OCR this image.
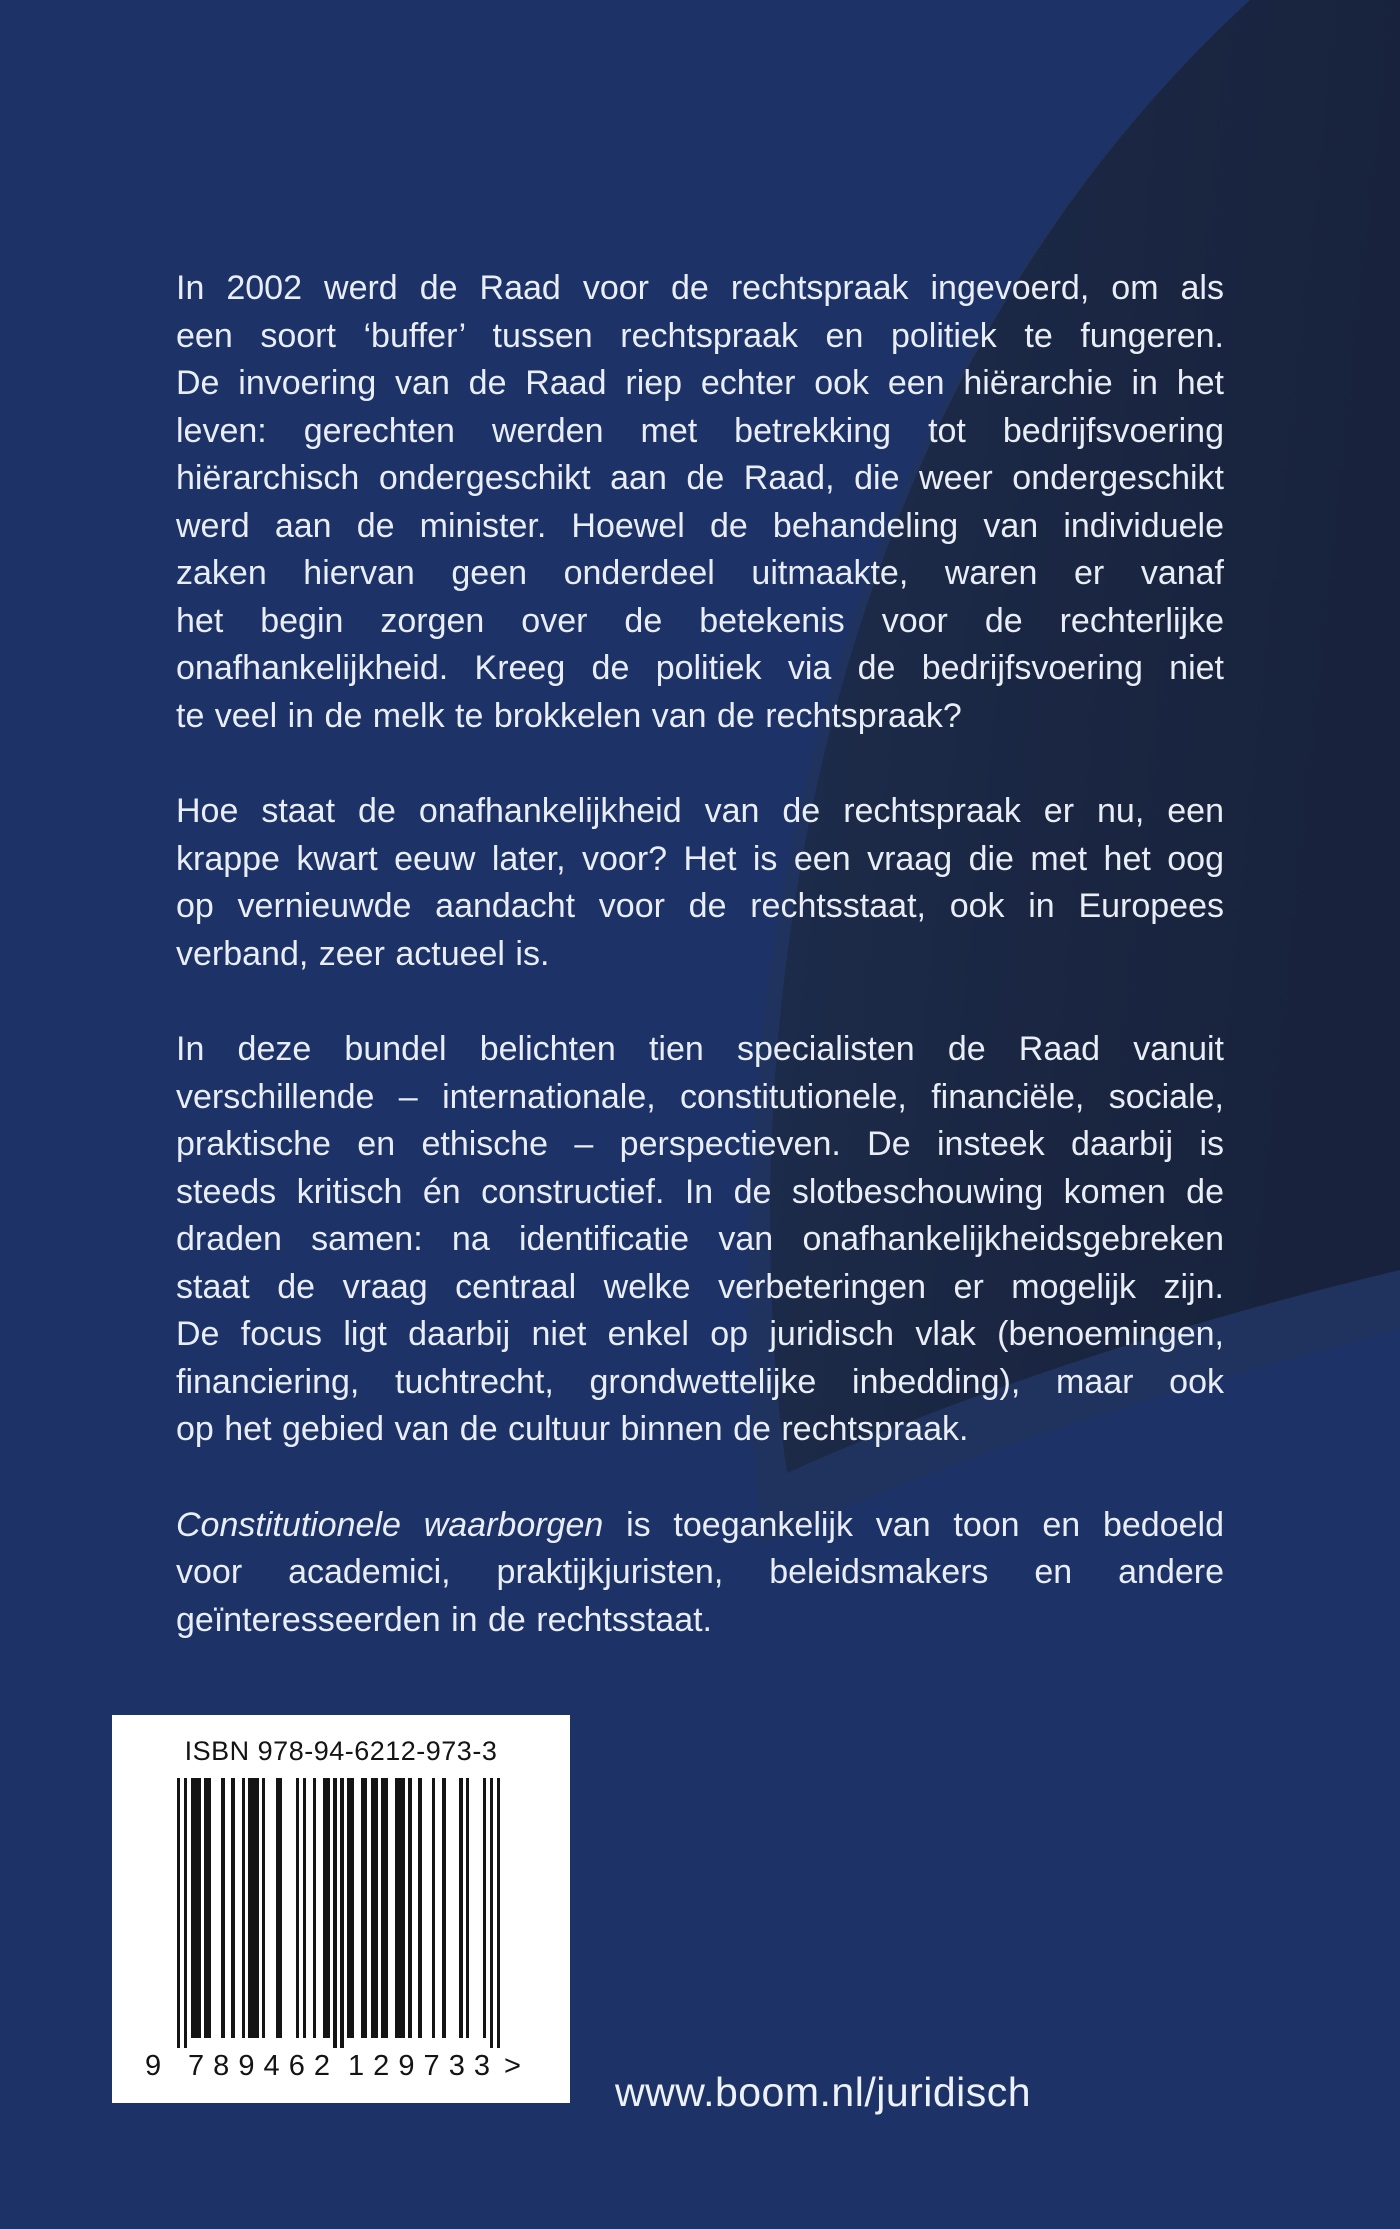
In 2002 werd de Raad voor de rechtspraak ingevoerd, om als
een soort ‘buffer’ tussen rechtspraak en politiek te fungeren.
De invoering van de Raad riep echter ook een hiërarchie in het
leven: gerechten werden met betrekking tot bedrijfsvoering
hiërarchisch ondergeschikt aan de Raad, die weer ondergeschikt
werd aan de minister. Hoewel de behandeling van individuele
zaken hiervan geen onderdeel uitmaakte, waren er vanaf
het begin zorgen over de betekenis voor de rechterlijke
onafhankelijkheid. Kreeg de politiek via de bedrijfsvoering niet
te veel in de melk te brokkelen van de rechtspraak?
Hoe staat de onafhankelijkheid van de rechtspraak er nu, een
krappe kwart eeuw later, voor? Het is een vraag die met het oog
op vernieuwde aandacht voor de rechtsstaat, ook in Europees
verband, zeer actueel is.
In deze bundel belichten tien specialisten de Raad vanuit
verschillende – internationale, constitutionele, financiële, sociale,
praktische en ethische – perspectieven. De insteek daarbij is
steeds kritisch én constructief. In de slotbeschouwing komen de
draden samen: na identificatie van onafhankelijkheidsgebreken
staat de vraag centraal welke verbeteringen er mogelijk zijn.
De focus ligt daarbij niet enkel op juridisch vlak (benoemingen,
financiering, tuchtrecht, grondwettelijke inbedding), maar ook
op het gebied van de cultuur binnen de rechtspraak.
Constitutionele waarborgen is toegankelijk van toon en bedoeld
voor academici, praktijkjuristen, beleidsmakers en andere
geïnteresseerden in de rechtsstaat.
ISBN 978-94-6212-973-3
9 7 8 9 4 6 2 1 2 9 7 3 3 >
www.boom.nl/juridisch
